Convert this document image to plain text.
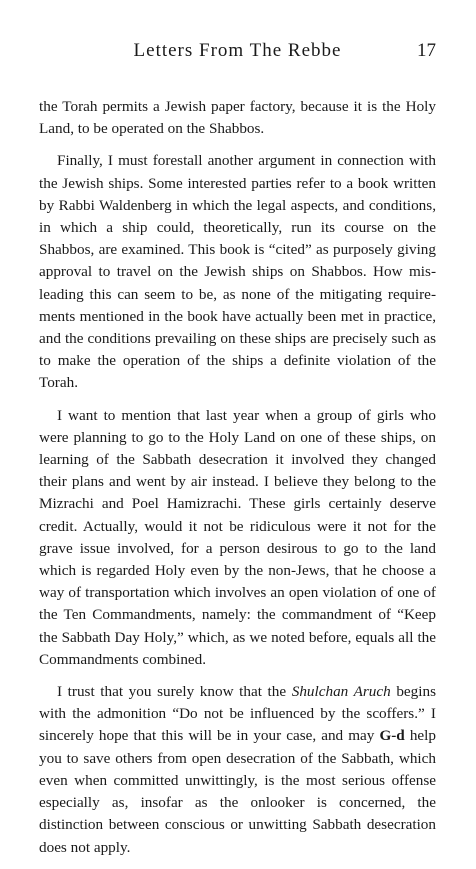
Letters From The Rebbe	17

the Torah permits a Jewish paper factory, because it is the Holy Land, to be operated on the Shabbos.

Finally, I must forestall another argument in connection with the Jewish ships. Some interested parties refer to a book written by Rabbi Waldenberg in which the legal aspects, and conditions, in which a ship could, theoretically, run its course on the Shabbos, are examined. This book is “cited” as purposely giving approval to travel on the Jewish ships on Shabbos. How misleading this can seem to be, as none of the mitigating requirements mentioned in the book have actually been met in practice, and the conditions prevailing on these ships are precisely such as to make the operation of the ships a definite violation of the Torah.

I want to mention that last year when a group of girls who were planning to go to the Holy Land on one of these ships, on learning of the Sabbath desecration it involved they changed their plans and went by air instead. I believe they belong to the Mizrachi and Poel Hamizrachi. These girls certainly deserve credit. Actually, would it not be ridiculous were it not for the grave issue involved, for a person desirous to go to the land which is regarded Holy even by the non-Jews, that he choose a way of transportation which involves an open violation of one of the Ten Commandments, namely: the commandment of “Keep the Sabbath Day Holy,” which, as we noted before, equals all the Commandments combined.

I trust that you surely know that the Shulchan Aruch begins with the admonition “Do not be influenced by the scoffers.” I sincerely hope that this will be in your case, and may G-d help you to save others from open desecration of the Sabbath, which even when committed unwittingly, is the most serious offense especially as, insofar as the onlooker is concerned, the distinction between conscious or unwitting Sabbath desecration does not apply.
